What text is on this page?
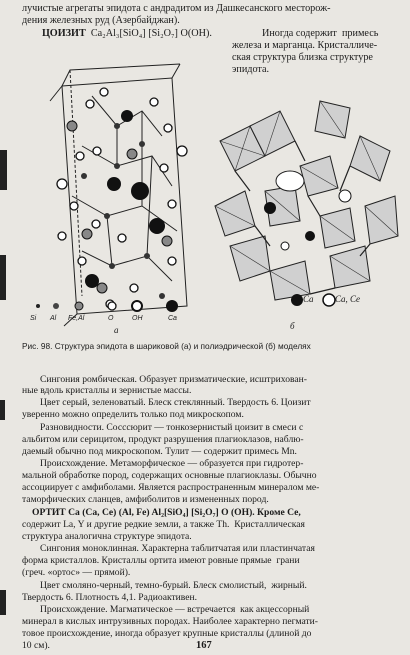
лучистые агрегаты эпидота с андрадитом из Дашкесанского месторож-
дения железных руд (Азербайджан).
ЦОИЗИТ Ca₂Al₃[SiO₄] [Si₂O₇] O(OH).	Иногда содержит  примесь
железа и марганца. Кристалличе-
ская структура близка структуре
эпидота.
Si Al Fe,Al	O	OH	Ca
а
Ca Ca, Ce
б
Рис. 98. Структура эпидота в шариковой (а) и полиэдрической (б) моделях
Сингония ромбическая. Образует призматические, исштрихован-
ные вдоль кристаллы и зернистые массы.
Цвет серый, зеленоватый. Блеск стеклянный. Твердость 6. Цоизит
уверенно можно определить только под микроскопом.
Разновидности. Сосссюрит — тонкозернистый цоизит в смеси с
альбитом или серицитом, продукт разрушения плагиоклазов, наблю-
даемый обычно под микроскопом. Тулит — содержит примесь Mn.
Происхождение. Метаморфическое — образуется при гидротер-
мальной обработке пород, содержащих основные плагиоклазы. Обычно
ассоциирует с амфиболами. Является распространенным минералом ме-
таморфических сланцев, амфиболитов и измененных пород.
ОРТИТ Ca (Ca, Ce) (Al, Fe) Al₂[SiO₄] [Si₂O₇] O (OH). Кроме Ce,
содержит La, Y и другие редкие земли, а также Th.  Кристаллическая
структура аналогична структуре эпидота.
Сингония моноклинная. Характерна таблитчатая или пластинчатая
форма кристаллов. Кристаллы ортита имеют ровные прямые  грани
(греч. «ортос» — прямой).
Цвет смоляно-черный, темно-бурый. Блеск смолистый,  жирный.
Твердость 6. Плотность 4,1. Радиоактивен.
Происхождение. Магматическое — встречается  как акцессорный
минерал в кислых интрузивных породах. Наиболее характерно пегмати-
товое происхождение, иногда образует крупные кристаллы (длиной до
10 см).	167
